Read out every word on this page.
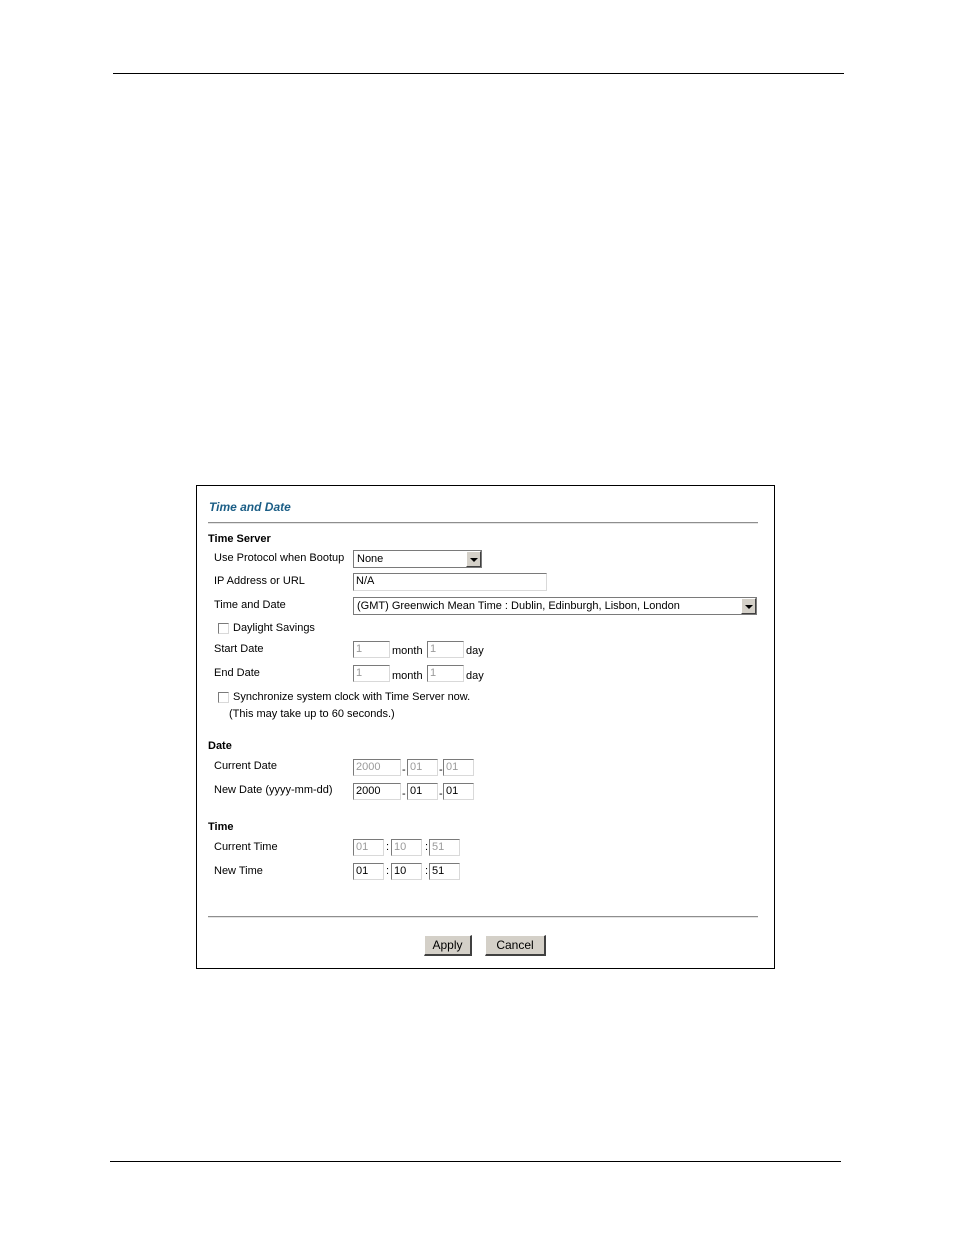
Time and Date
Time Server
Use Protocol when Bootup	None
IP Address or URL	N/A
Time and Date	(GMT) Greenwich Mean Time : Dublin, Edinburgh, Lisbon, London
Daylight Savings
Start Date	1	month 1	day
End Date	1	month 1	day
Synchronize system clock with Time Server now.
(This may take up to 60 seconds.)
Date
Current Date	2000	- 01	- 01
New Date (yyyy-mm-dd) 2000	- 01	- 01
Time
Current Time	01	: 10	: 51
New Time	01	: 10	: 51
Apply	Cancel
